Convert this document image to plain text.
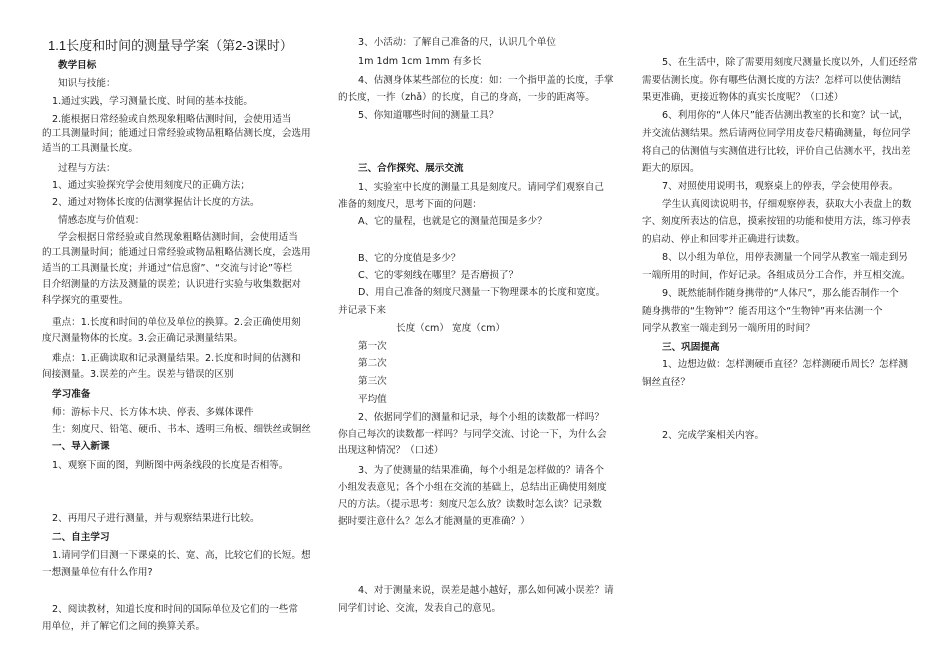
1.1长度和时间的测量导学案（第2-3课时）
教学目标
知识与技能：
1.通过实践，学习测量长度、时间的基本技能。
2.能根据日常经验或自然现象粗略估测时间，会使用适当
的工具测量时间；能通过日常经验或物品粗略估测长度，会选用
适当的工具测量长度。
过程与方法：
1、通过实验探究学会使用刻度尺的正确方法；
2、通过对物体长度的估测掌握估计长度的方法。
情感态度与价值观：
学会根据日常经验或自然现象粗略估测时间，会使用适当
的工具测量时间；能通过日常经验或物品粗略估测长度，会选用
适当的工具测量长度；并通过“信息窗”、“交流与讨论”等栏
目介绍测量的方法及测量的误差；认识进行实验与收集数据对
科学探究的重要性。
重点：1.长度和时间的单位及单位的换算。2.会正确使用刻
度尺测量物体的长度。3.会正确记录测量结果。
难点：1.正确读取和记录测量结果。2.长度和时间的估测和
间接测量。3.误差的产生。误差与错误的区别
学习准备
师：游标卡尺、长方体木块、停表、多媒体课件
生：刻度尺、铅笔、硬币、书本、透明三角板、细铁丝或铜丝
一、导入新课
1、观察下面的图，判断图中两条线段的长度是否相等。
2、再用尺子进行测量，并与观察结果进行比较。
二、自主学习
1.请同学们目测一下课桌的长、宽、高，比较它们的长短。想
一想测量单位有什么作用?
2、阅读教材，知道长度和时间的国际单位及它们的一些常
用单位，并了解它们之间的换算关系。
3、小活动：了解自己准备的尺，认识几个单位
1m 1dm 1cm 1mm 有多长
4、估测身体某些部位的长度：如：一个指甲盖的长度，手掌
的长度，一拃（zhǎ）的长度，自己的身高，一步的距离等。
5、你知道哪些时间的测量工具？
三、合作探究、展示交流
1、实验室中长度的测量工具是刻度尺。请同学们观察自己
准备的刻度尺，思考下面的问题：
A、它的量程，也就是它的测量范围是多少？
B、它的分度值是多少？
C、它的零刻线在哪里？是否磨损了？
D、用自己准备的刻度尺测量一下物理课本的长度和宽度。
并记录下来
长度（cm） 宽度（cm）
第一次
第二次
第三次
平均值
2、依据同学们的测量和记录，每个小组的读数都一样吗？
你自己每次的读数都一样吗？与同学交流、讨论一下，为什么会
出现这种情况？（口述）
3、为了使测量的结果准确，每个小组是怎样做的？请各个
小组发表意见；各个小组在交流的基础上，总结出正确使用刻度
尺的方法。（提示思考：刻度尺怎么放？读数时怎么读？记录数
据时要注意什么？怎么才能测量的更准确？）
4、对于测量来说，误差是越小越好，那么如何减小误差？请
同学们讨论、交流，发表自己的意见。
5、在生活中，除了需要用刻度尺测量长度以外，人们还经常
需要估测长度。你有哪些估测长度的方法？怎样可以使估测结
果更准确，更接近物体的真实长度呢？（口述）
6、利用你的“人体尺”能否估测出教室的长和宽？试一试，
并交流估测结果。然后请两位同学用皮卷尺精确测量，每位同学
将自己的估测值与实测值进行比较，评价自己估测水平，找出差
距大的原因。
7、对照使用说明书，观察桌上的停表，学会使用停表。
学生认真阅读说明书，仔细观察停表，获取大小表盘上的数
字、刻度所表达的信息，摸索按钮的功能和使用方法，练习停表
的启动、停止和回零并正确进行读数。
8、以小组为单位，用停表测量一个同学从教室一端走到另
一端所用的时间，作好记录。各组成员分工合作，并互相交流。
9、既然能制作随身携带的“人体尺”，那么能否制作一个
随身携带的“生物钟”？能否用这个“生物钟”再来估测一个
同学从教室一端走到另一端所用的时间？
三、巩固提高
1、边想边做：怎样测硬币直径？怎样测硬币周长？怎样测
铜丝直径？
2、完成学案相关内容。
